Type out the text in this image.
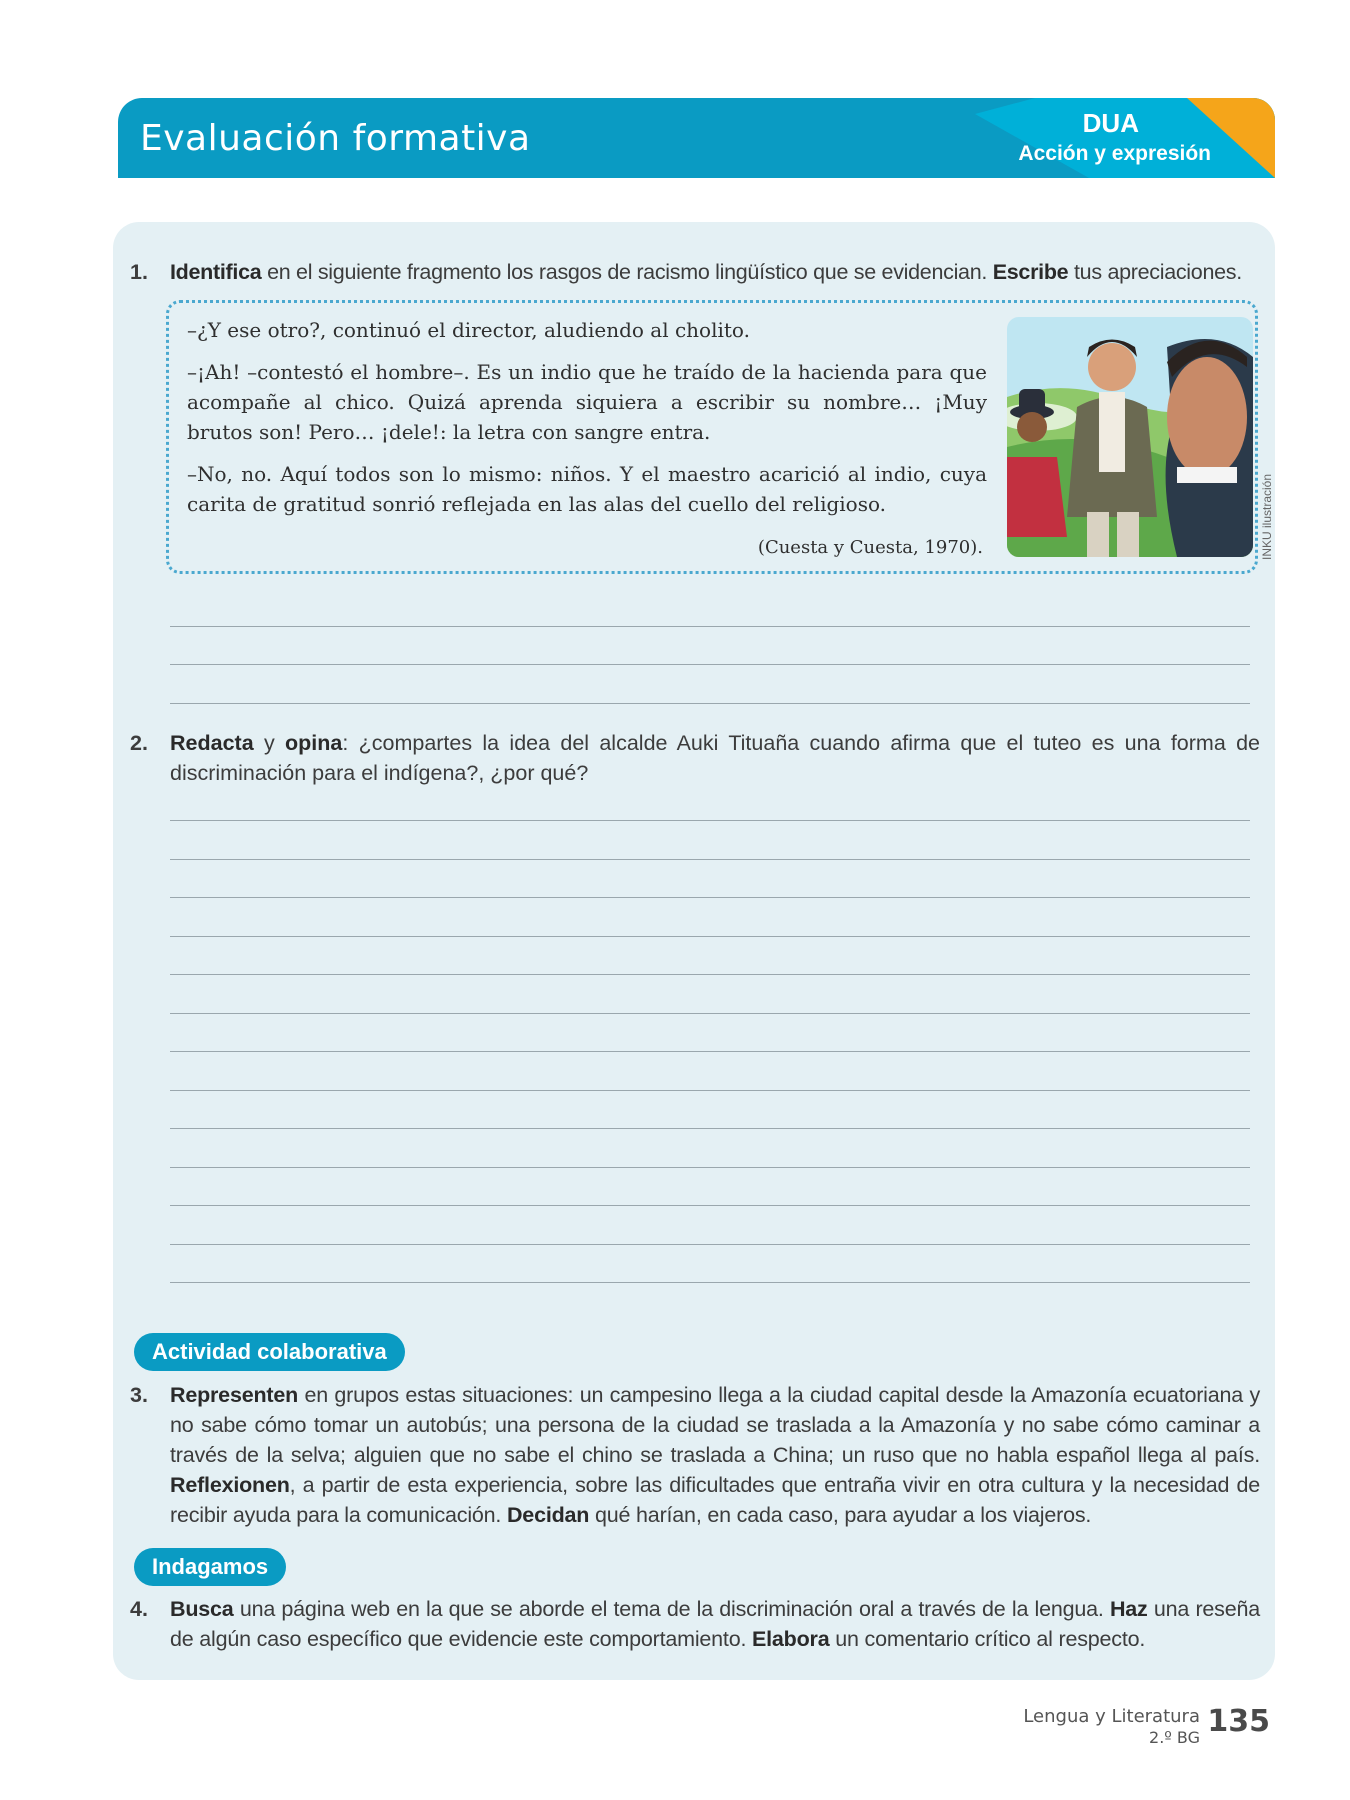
Evaluación formativa	DUA
Acción y expresión
1. Identifica en el siguiente fragmento los rasgos de racismo lingüístico que se evidencian. Escribe tus apreciaciones.

–¿Y ese otro?, continuó el director, aludiendo al cholito.

–¡Ah! –contestó el hombre–. Es un indio que he traído de la hacienda para que acompañe al chico. Quizá aprenda siquiera a escribir su nombre… ¡Muy brutos son! Pero… ¡dele!: la letra con sangre entra.

–No, no. Aquí todos son lo mismo: niños. Y el maestro acarició al indio, cuya carita de gratitud sonrió reflejada en las alas del cuello del religioso.

(Cuesta y Cuesta, 1970).	INKU ilustración
2. Redacta y opina: ¿compartes la idea del alcalde Auki Tituaña cuando afirma que el tuteo es una forma de discriminación para el indígena?, ¿por qué?
Actividad colaborativa
3. Representen en grupos estas situaciones: un campesino llega a la ciudad capital desde la Amazonía ecuatoriana y no sabe cómo tomar un autobús; una persona de la ciudad se traslada a la Amazonía y no sabe cómo caminar a través de la selva; alguien que no sabe el chino se traslada a China; un ruso que no habla español llega al país. Reflexionen, a partir de esta experiencia, sobre las dificultades que entraña vivir en otra cultura y la necesidad de recibir ayuda para la comunicación. Decidan qué harían, en cada caso, para ayudar a los viajeros.
Indagamos
4. Busca una página web en la que se aborde el tema de la discriminación oral a través de la lengua. Haz una reseña de algún caso específico que evidencie este comportamiento. Elabora un comentario crítico al respecto.
Lengua y Literatura
2.º BG 135
